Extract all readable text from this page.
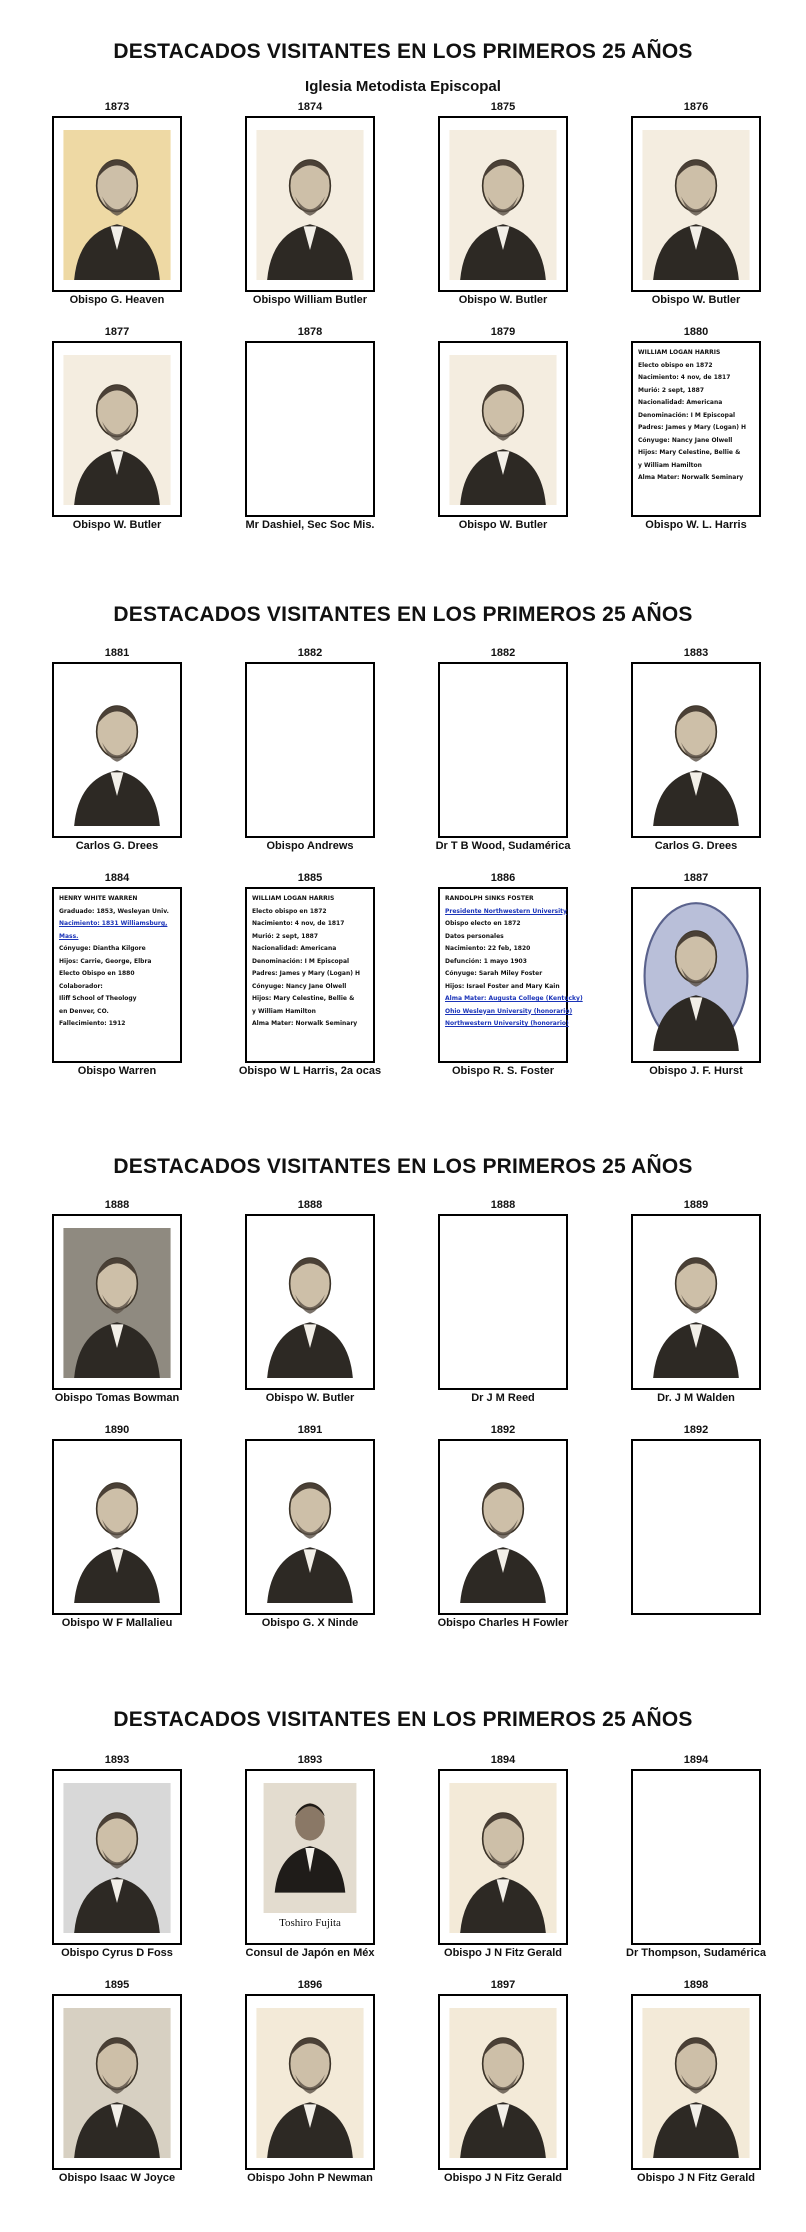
DESTACADOS VISITANTES EN LOS PRIMEROS 25 AÑOS
Iglesia Metodista Episcopal
1873
Obispo G. Heaven
1874
Obispo William Butler
1875
Obispo W. Butler
1876
Obispo W. Butler
1877
Obispo W. Butler
1878
Mr Dashiel, Sec Soc Mis.
1879
Obispo W. Butler
1880
WILLIAM LOGAN HARRIS
Electo obispo en 1872
Nacimiento: 4 nov, de 1817
Murió: 2 sept, 1887
Nacionalidad: Americana
Denominación: I M Episcopal
Padres: James y Mary (Logan) H
Cónyuge: Nancy Jane Olwell
Hijos: Mary Celestine, Bellie &
y William Hamilton
Alma Mater: Norwalk Seminary
Obispo W. L. Harris
DESTACADOS VISITANTES EN LOS PRIMEROS 25 AÑOS
1881
Carlos G. Drees
1882
Obispo Andrews
1882
Dr T B Wood, Sudamérica
1883
Carlos G. Drees
1884
HENRY WHITE WARREN
Graduado: 1853, Wesleyan Univ.
Nacimiento: 1831 Williamsburg,
Mass.
Cónyuge: Diantha Kilgore
Hijos: Carrie, George, Elbra
Electo Obispo en 1880
Colaborador:
Iliff School of Theology
en Denver, CO.
Fallecimiento: 1912
Obispo Warren
1885
WILLIAM LOGAN HARRIS
Electo obispo en 1872
Nacimiento: 4 nov, de 1817
Murió: 2 sept, 1887
Nacionalidad: Americana
Denominación: I M Episcopal
Padres: James y Mary (Logan) H
Cónyuge: Nancy Jane Olwell
Hijos: Mary Celestine, Bellie &
y William Hamilton
Alma Mater: Norwalk Seminary
Obispo W L Harris, 2a ocas
1886
RANDOLPH SINKS FOSTER
Presidente Northwestern University
Obispo electo en 1872
Datos personales
Nacimiento: 22 feb, 1820
Defunción: 1 mayo 1903
Cónyuge: Sarah Miley Foster
Hijos: Israel Foster and Mary Kain
Alma Mater: Augusta College (Kentucky)
Ohio Wesleyan University (honorario)
Northwestern University (honorario)
Obispo R. S. Foster
1887
Obispo J. F. Hurst
DESTACADOS VISITANTES EN LOS PRIMEROS 25 AÑOS
1888
Obispo Tomas Bowman
1888
Obispo W. Butler
1888
Dr J M Reed
1889
Dr. J M Walden
1890
Obispo W F Mallalieu
1891
Obispo G. X Ninde
1892
Obispo Charles H Fowler
1892
DESTACADOS VISITANTES EN LOS PRIMEROS 25 AÑOS
1893
Obispo Cyrus D Foss
1893
Toshiro Fujita
Consul de Japón en Méx
1894
Obispo J N Fitz Gerald
1894
Dr Thompson, Sudamérica
1895
Obispo Isaac W Joyce
1896
Obispo John P Newman
1897
Obispo J N Fitz Gerald
1898
Obispo J N Fitz Gerald
